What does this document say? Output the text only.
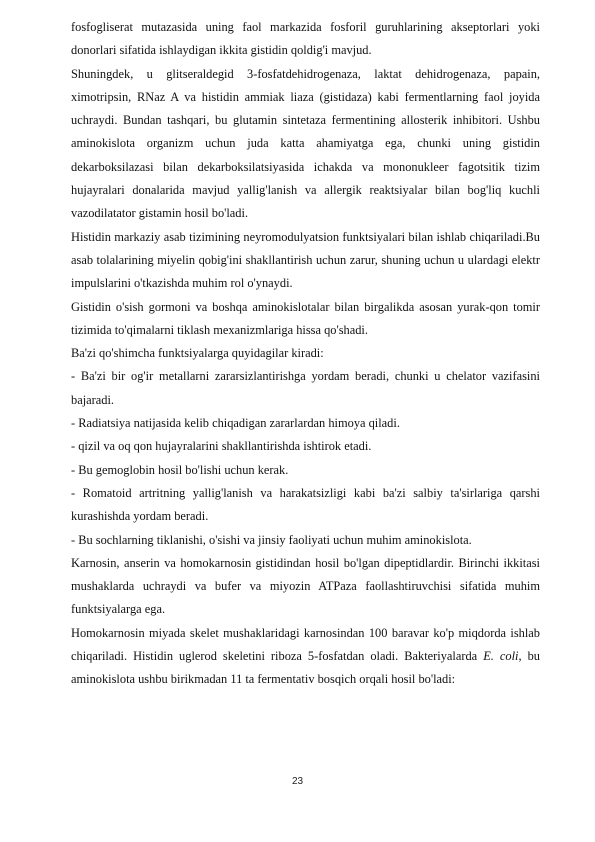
fosfogliserat mutazasida uning faol markazida fosforil guruhlarining akseptorlari yoki donorlari sifatida ishlaydigan ikkita gistidin qoldig'i mavjud.

Shuningdek, u glitseraldegid 3-fosfatdehidrogenaza, laktat dehidrogenaza, papain, ximotripsin, RNaz A va histidin ammiak liaza (gistidaza) kabi fermentlarning faol joyida uchraydi. Bundan tashqari, bu glutamin sintetaza fermentining allosterik inhibitori. Ushbu aminokislota organizm uchun juda katta ahamiyatga ega, chunki uning gistidin dekarboksilazasi bilan dekarboksilatsiyasida ichakda va mononukleer fagotsitik tizim hujayralari donalarida mavjud yallig'lanish va allergik reaktsiyalar bilan bog'liq kuchli vazodilatator gistamin hosil bo'ladi.

Histidin markaziy asab tizimining neyromodulyatsion funktsiyalari bilan ishlab chiqariladi.Bu asab tolalarining miyelin qobig'ini shakllantirish uchun zarur, shuning uchun u ulardagi elektr impulslarini o'tkazishda muhim rol o'ynaydi.

Gistidin o'sish gormoni va boshqa aminokislotalar bilan birgalikda asosan yurak-qon tomir tizimida to'qimalarni tiklash mexanizmlariga hissa qo'shadi.

Ba'zi qo'shimcha funktsiyalarga quyidagilar kiradi:

- Ba'zi bir og'ir metallarni zararsizlantirishga yordam beradi, chunki u chelator vazifasini bajaradi.

- Radiatsiya natijasida kelib chiqadigan zararlardan himoya qiladi.

- qizil va oq qon hujayralarini shakllantirishda ishtirok etadi.

- Bu gemoglobin hosil bo'lishi uchun kerak.

- Romatoid artritning yallig'lanish va harakatsizligi kabi ba'zi salbiy ta'sirlariga qarshi kurashishda yordam beradi.

- Bu sochlarning tiklanishi, o'sishi va jinsiy faoliyati uchun muhim aminokislota.

Karnosin, anserin va homokarnosin gistidindan hosil bo'lgan dipeptidlardir. Birinchi ikkitasi mushaklarda uchraydi va bufer va miyozin ATPaza faollashtiruvchisi sifatida muhim funktsiyalarga ega.

Homokarnosin miyada skelet mushaklaridagi karnosindan 100 baravar ko'p miqdorda ishlab chiqariladi. Histidin uglerod skeletini riboza 5-fosfatdan oladi. Bakteriyalarda E. coli, bu aminokislota ushbu birikmadan 11 ta fermentativ bosqich orqali hosil bo'ladi:

23
